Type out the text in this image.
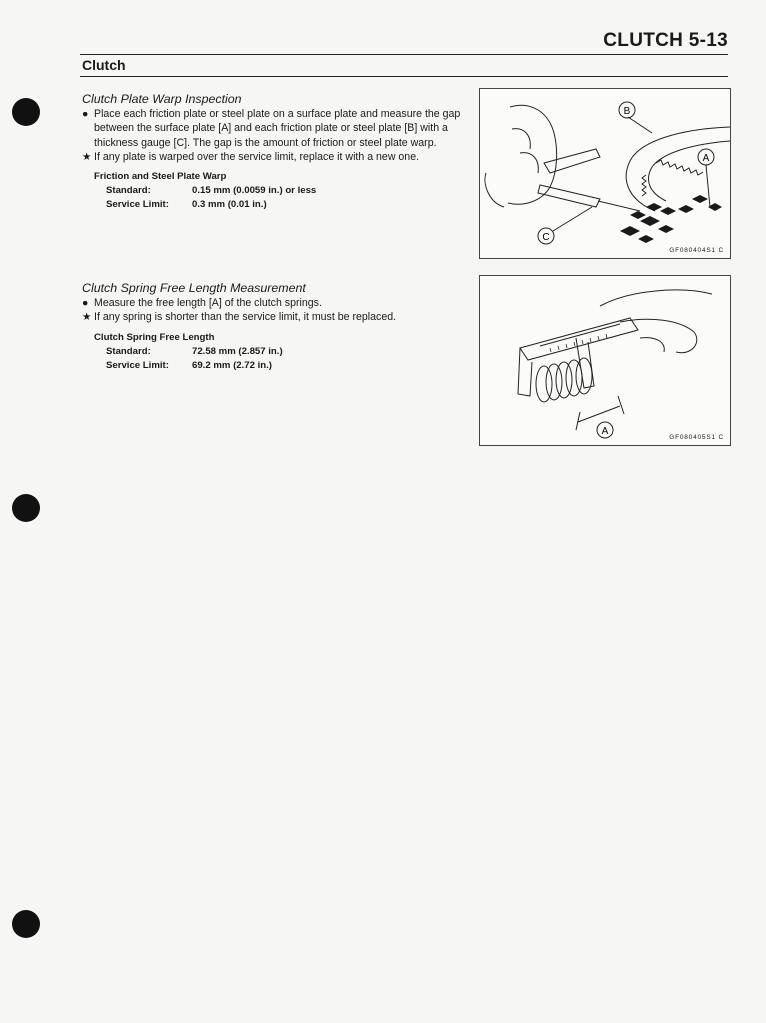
CLUTCH 5-13
Clutch
Clutch Plate Warp Inspection
● Place each friction plate or steel plate on a surface plate and measure the gap between the surface plate [A] and each friction plate or steel plate [B] with a thickness gauge [C]. The gap is the amount of friction or steel plate warp.
★ If any plate is warped over the service limit, replace it with a new one.
Friction and Steel Plate Warp
Standard:	0.15 mm (0.0059 in.) or less
Service Limit:	0.3 mm (0.01 in.)
Clutch Spring Free Length Measurement
● Measure the free length [A] of the clutch springs.
★ If any spring is shorter than the service limit, it must be replaced.
Clutch Spring Free Length
Standard:	72.58 mm (2.857 in.)
Service Limit:	69.2 mm (2.72 in.)
B
A
C
GF080404S1 C
A
GF080405S1 C
